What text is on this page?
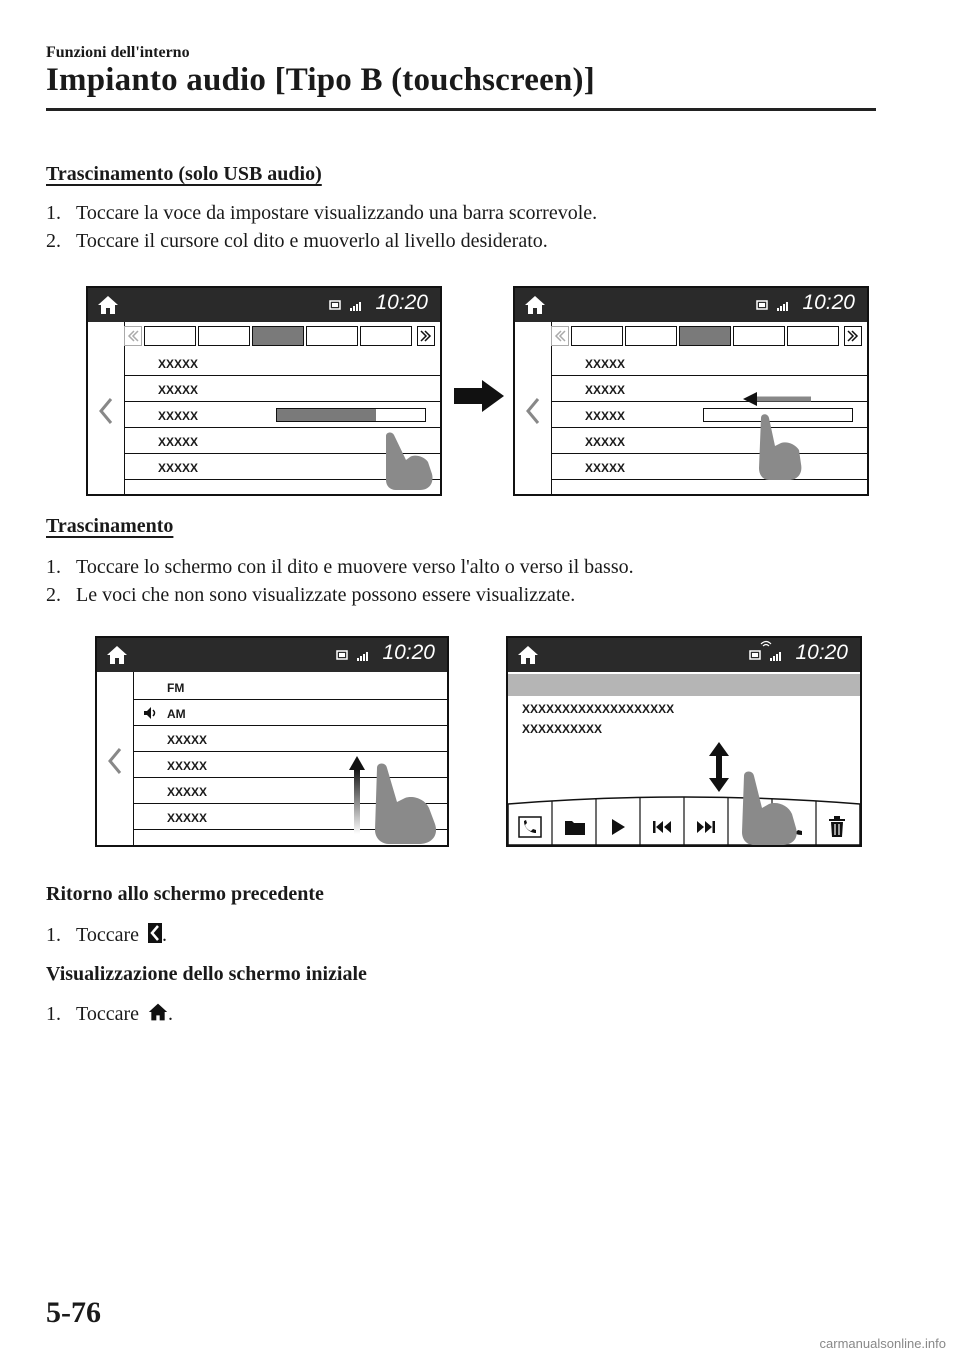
Funzioni dell'interno
Impianto audio [Tipo B (touchscreen)]
Trascinamento (solo USB audio)
1. Toccare la voce da impostare visualizzando una barra scorrevole.
2. Toccare il cursore col dito e muoverlo al livello desiderato.
10:20
XXXXX
XXXXX
XXXXX
XXXXX
XXXXX
10:20
XXXXX
XXXXX
XXXXX
XXXXX
XXXXX
Trascinamento
1. Toccare lo schermo con il dito e muovere verso l'alto o verso il basso.
2. Le voci che non sono visualizzate possono essere visualizzate.
10:20
FM
AM
XXXXX
XXXXX
XXXXX
XXXXX
10:20
XXXXXXXXXXXXXXXXXXX
XXXXXXXXXX
Ritorno allo schermo precedente
1. Toccare .
Visualizzazione dello schermo iniziale
1. Toccare .
5-76
carmanualsonline.info
